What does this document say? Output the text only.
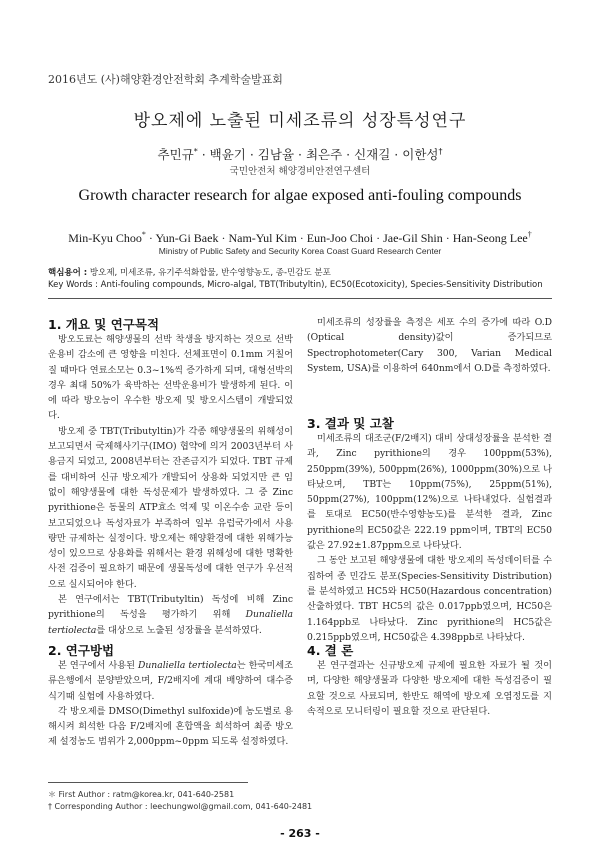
2016년도 (사)해양환경안전학회 추계학술발표회
방오제에 노출된 미세조류의 성장특성연구
추민규* · 백윤기 · 김남율 · 최은주 · 신재길 · 이한성†
국민안전처 해양경비안전연구센터
Growth character research for algae exposed anti-fouling compounds
Min-Kyu Choo* · Yun-Gi Baek · Nam-Yul Kim · Eun-Joo Choi · Jae-Gil Shin · Han-Seong Lee†
Ministry of Public Safety and Security Korea Coast Guard Research Center
핵심용어 : 방오제, 미세조류, 유기주석화합물, 반수영향농도, 종-민감도 분포
Key Words : Anti-fouling compounds, Micro-algal, TBT(Tributyltin), EC50(Ecotoxicity), Species-Sensitivity Distribution
1. 개요 및 연구목적

방오도료는 해양생물의 선박 착생을 방지하는 것으로 선박운용비 감소에 큰 영향을 미친다. 선체표면이 0.1mm 거칠어질 때마다 연료소모는 0.3~1%씩 증가하게 되며, 대형선박의 경우 최대 50%가 육박하는 선박운용비가 발생하게 된다. 이에 따라 방오능이 우수한 방오제 및 방오시스템이 개발되었다.

방오제 중 TBT(Tributyltin)가 각종 해양생물의 위해성이 보고되면서 국제해사기구(IMO) 협약에 의거 2003년부터 사용금지 되었고, 2008년부터는 잔존금지가 되었다. TBT 규제를 대비하여 신규 방오제가 개발되어 상용화 되었지만 큰 임없이 해양생물에 대한 독성문제가 발생하였다. 그 중 Zinc pyrithione은 동물의 ATP효소 억제 및 이온수송 교란 등이 보고되었으나 독성자료가 부족하여 일부 유럽국가에서 사용량만 규제하는 실정이다. 방오제는 해양환경에 대한 위해가능성이 있으므로 상용화를 위해서는 환경 위해성에 대한 명확한 사전 검증이 필요하기 때문에 생물독성에 대한 연구가 우선적으로 실시되어야 한다.

본 연구에서는 TBT(Tributyltin) 독성에 비해 Zinc pyrithione의 독성을 평가하기 위해 Dunaliella tertiolecta를 대상으로 노출된 성장률을 분석하였다.

2. 연구방법

본 연구에서 사용된 Dunaliella tertiolecta는 한국미세조류은행에서 분양받았으며, F/2배지에 계대 배양하여 대수증식기때 실험에 사용하였다.

각 방오제를 DMSO(Dimethyl sulfoxide)에 농도별로 용해시켜 희석한 다음 F/2배지에 혼합액을 희석하여 최종 방오제 설정농도 범위가 2,000ppm~0ppm 되도록 설정하였다.

미세조류의 성장률을 측정은 세포 수의 증가에 따라 O.D (Optical density)값이 증가되므로 Spectrophotometer(Cary 300, Varian Medical System, USA)를 이용하여 640nm에서 O.D를 측정하였다.

3. 결과 및 고찰

미세조류의 대조군(F/2배지) 대비 상대성장률을 분석한 결과, Zinc pyrithione의 경우 100ppm(53%), 250ppm(39%), 500ppm(26%), 1000ppm(30%)으로 나타났으며, TBT는 10ppm(75%), 25ppm(51%), 50ppm(27%), 100ppm(12%)으로 나타내었다. 실험결과를 토대로 EC50(반수영향농도)를 분석한 결과, Zinc pyrithione의 EC50값은 222.19 ppm이며, TBT의 EC50값은 27.92±1.87ppm으로 나타났다.

그 동안 보고된 해양생물에 대한 방오제의 독성데이터를 수집하여 종 민감도 분포(Species-Sensitivity Distribution)를 분석하였고 HC5와 HC50(Hazardous concentration) 산출하였다. TBT HC5의 값은 0.017ppb였으며, HC50은 1.164ppb로 나타났다. Zinc pyrithione의 HC5값은 0.215ppb였으며, HC50값은 4.398ppb로 나타났다.

4. 결 론

본 연구결과는 신규방오제 규제에 필요한 자료가 될 것이며, 다양한 해양생물과 다양한 방오제에 대한 독성검증이 필요할 것으로 사료되며, 한반도 해역에 방오제 오염정도를 지속적으로 모니터링이 필요할 것으로 판단된다.

＊ First Author : ratm@korea.kr, 041-640-2581
† Corresponding Author : leechungwol@gmail.com, 041-640-2481
- 263 -
